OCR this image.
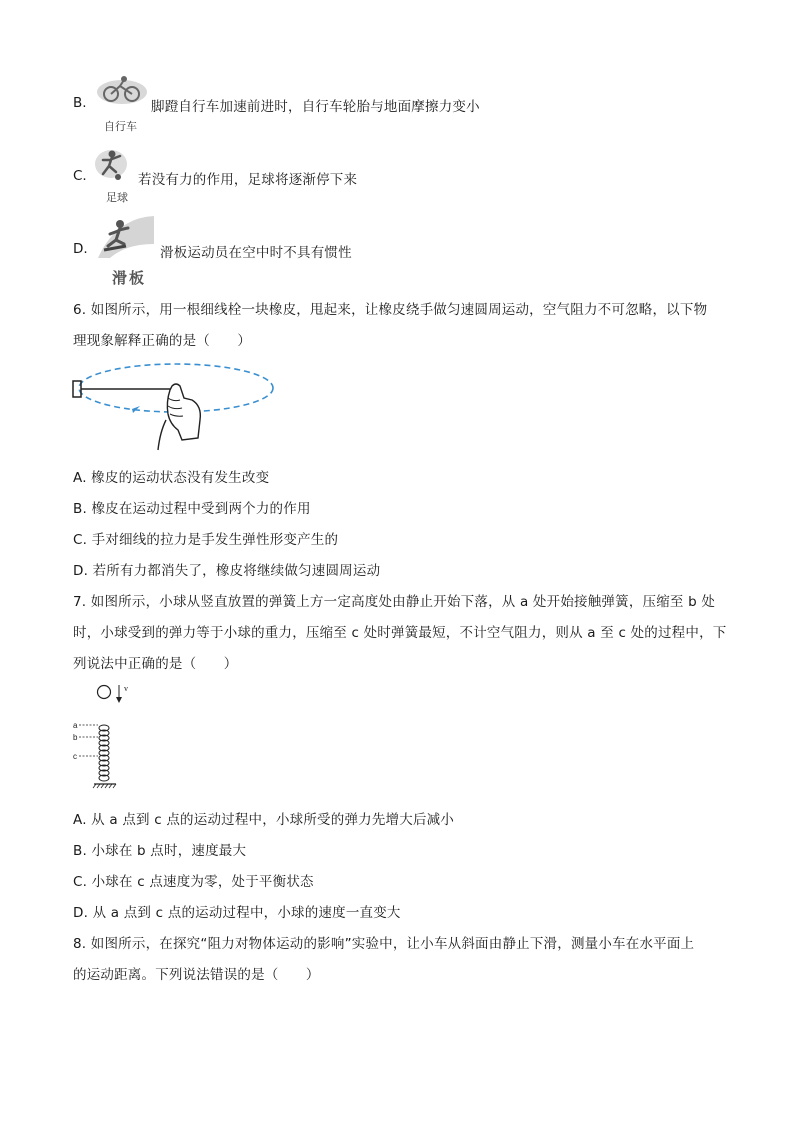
B.
自行车
脚蹬自行车加速前进时，自行车轮胎与地面摩擦力变小
C.
足球
若没有力的作用，足球将逐渐停下来
D.
滑板
滑板运动员在空中时不具有惯性
6. 如图所示，用一根细线栓一块橡皮，甩起来，让橡皮绕手做匀速圆周运动，空气阻力不可忽略，以下物
理现象解释正确的是（　　）
A. 橡皮的运动状态没有发生改变
B. 橡皮在运动过程中受到两个力的作用
C. 手对细线的拉力是手发生弹性形变产生的
D. 若所有力都消失了，橡皮将继续做匀速圆周运动
7. 如图所示，小球从竖直放置的弹簧上方一定高度处由静止开始下落，从 a 处开始接触弹簧，压缩至 b 处
时，小球受到的弹力等于小球的重力，压缩至 c 处时弹簧最短，不计空气阻力，则从 a 至 c 处的过程中，下
列说法中正确的是（　　）
v
a
b
c
A. 从 a 点到 c 点的运动过程中，小球所受的弹力先增大后减小
B. 小球在 b 点时，速度最大
C. 小球在 c 点速度为零，处于平衡状态
D. 从 a 点到 c 点的运动过程中，小球的速度一直变大
8. 如图所示，在探究“阻力对物体运动的影响”实验中，让小车从斜面由静止下滑，测量小车在水平面上
的运动距离。下列说法错误的是（　　）
